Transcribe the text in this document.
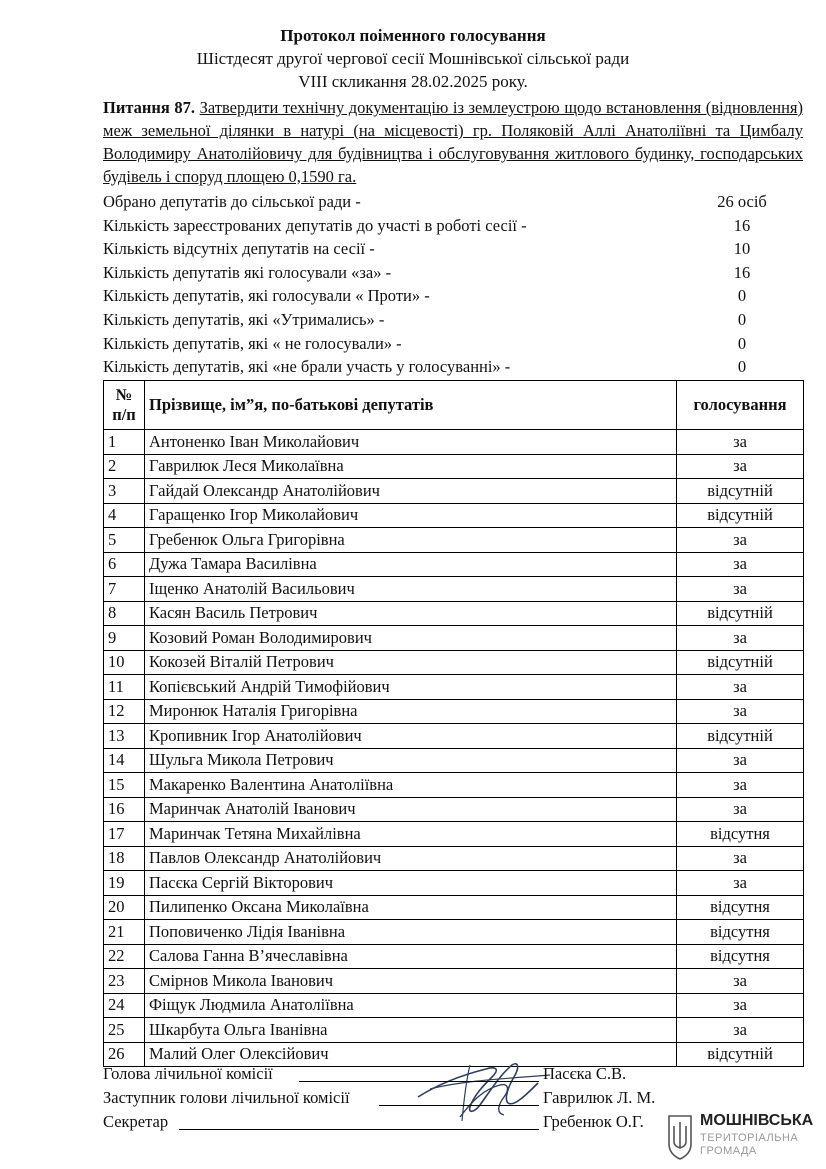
Протокол поіменного голосування
Шістдесят другої чергової сесії Мошнівської сільської ради
VIII скликання 28.02.2025 року.
Питання 87. Затвердити технічну документацію із землеустрою щодо встановлення (відновлення) меж земельної ділянки в натурі (на місцевості) гр. Поляковій Аллі Анатоліївні та Цимбалу Володимиру Анатолійовичу для будівництва і обслуговування житлового будинку, господарських будівель і споруд площею 0,1590 га.
Обрано депутатів до сільської ради -	26 осіб
Кількість зареєстрованих депутатів до участі в роботі сесії -	16
Кількість відсутніх депутатів на сесії -	10
Кількість депутатів які голосували «за» -	16
Кількість депутатів, які голосували « Проти» -	0
Кількість депутатів, які «Утримались» -	0
Кількість депутатів, які « не голосували» -	0
Кількість депутатів, які «не брали участь у голосуванні» -	0
№
п/п	Прізвище, ім”я, по-батькові депутатів	голосування
1	Антоненко Іван Миколайович	за
2	Гаврилюк Леся Миколаївна	за
3	Гайдай Олександр Анатолійович	відсутній
4	Гаращенко Ігор Миколайович	відсутній
5	Гребенюк Ольга Григорівна	за
6	Дужа Тамара Василівна	за
7	Іщенко Анатолій Васильович	за
8	Касян Василь Петрович	відсутній
9	Козовий Роман Володимирович	за
10	Кокозей Віталій Петрович	відсутній
11	Копієвський Андрій Тимофійович	за
12	Миронюк Наталія Григорівна	за
13	Кропивник Ігор Анатолійович	відсутній
14	Шульга Микола Петрович	за
15	Макаренко Валентина Анатоліївна	за
16	Маринчак Анатолій Іванович	за
17	Маринчак Тетяна Михайлівна	відсутня
18	Павлов Олександр Анатолійович	за
19	Пасєка Сергій Вікторович	за
20	Пилипенко Оксана Миколаївна	відсутня
21	Поповиченко Лідія Іванівна	відсутня
22	Салова Ганна В’ячеславівна	відсутня
23	Смірнов Микола Іванович	за
24	Фіщук Людмила Анатоліївна	за
25	Шкарбута Ольга Іванівна	за
26	Малий Олег Олексійович	відсутній
Голова лічильної комісії	Пасєка С.В.
Заступник голови лічильної комісії	Гаврилюк Л. М.
Секретар	Гребенюк О.Г.	МОШНІВСЬКА
ТЕРИТОРІАЛЬНА
ГРОМАДА
